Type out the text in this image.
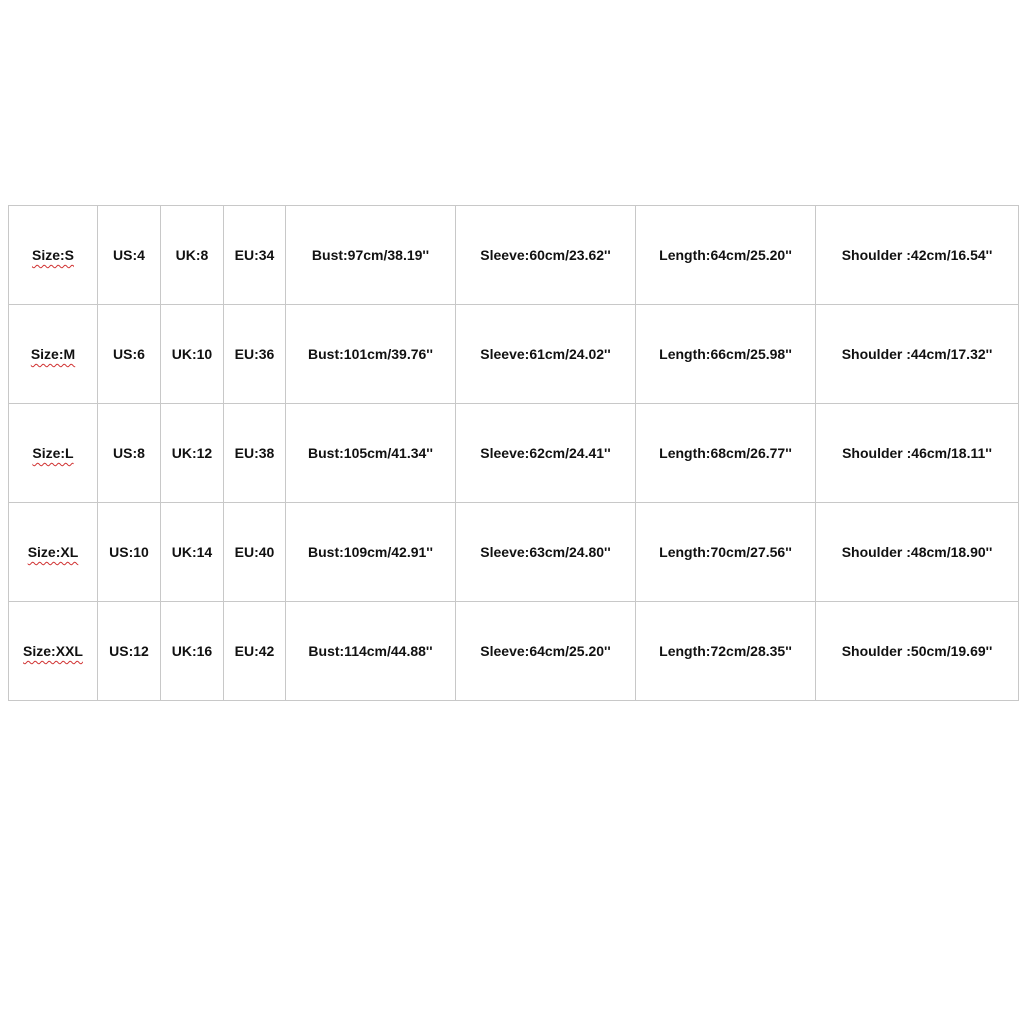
Size:S	US:4	UK:8	EU:34	Bust:97cm/38.19''	Sleeve:60cm/23.62''	Length:64cm/25.20''	Shoulder :42cm/16.54''
Size:M	US:6	UK:10	EU:36	Bust:101cm/39.76''	Sleeve:61cm/24.02''	Length:66cm/25.98''	Shoulder :44cm/17.32''
Size:L	US:8	UK:12	EU:38	Bust:105cm/41.34''	Sleeve:62cm/24.41''	Length:68cm/26.77''	Shoulder :46cm/18.11''
Size:XL	US:10	UK:14	EU:40	Bust:109cm/42.91''	Sleeve:63cm/24.80''	Length:70cm/27.56''	Shoulder :48cm/18.90''
Size:XXL	US:12	UK:16	EU:42	Bust:114cm/44.88''	Sleeve:64cm/25.20''	Length:72cm/28.35''	Shoulder :50cm/19.69''
